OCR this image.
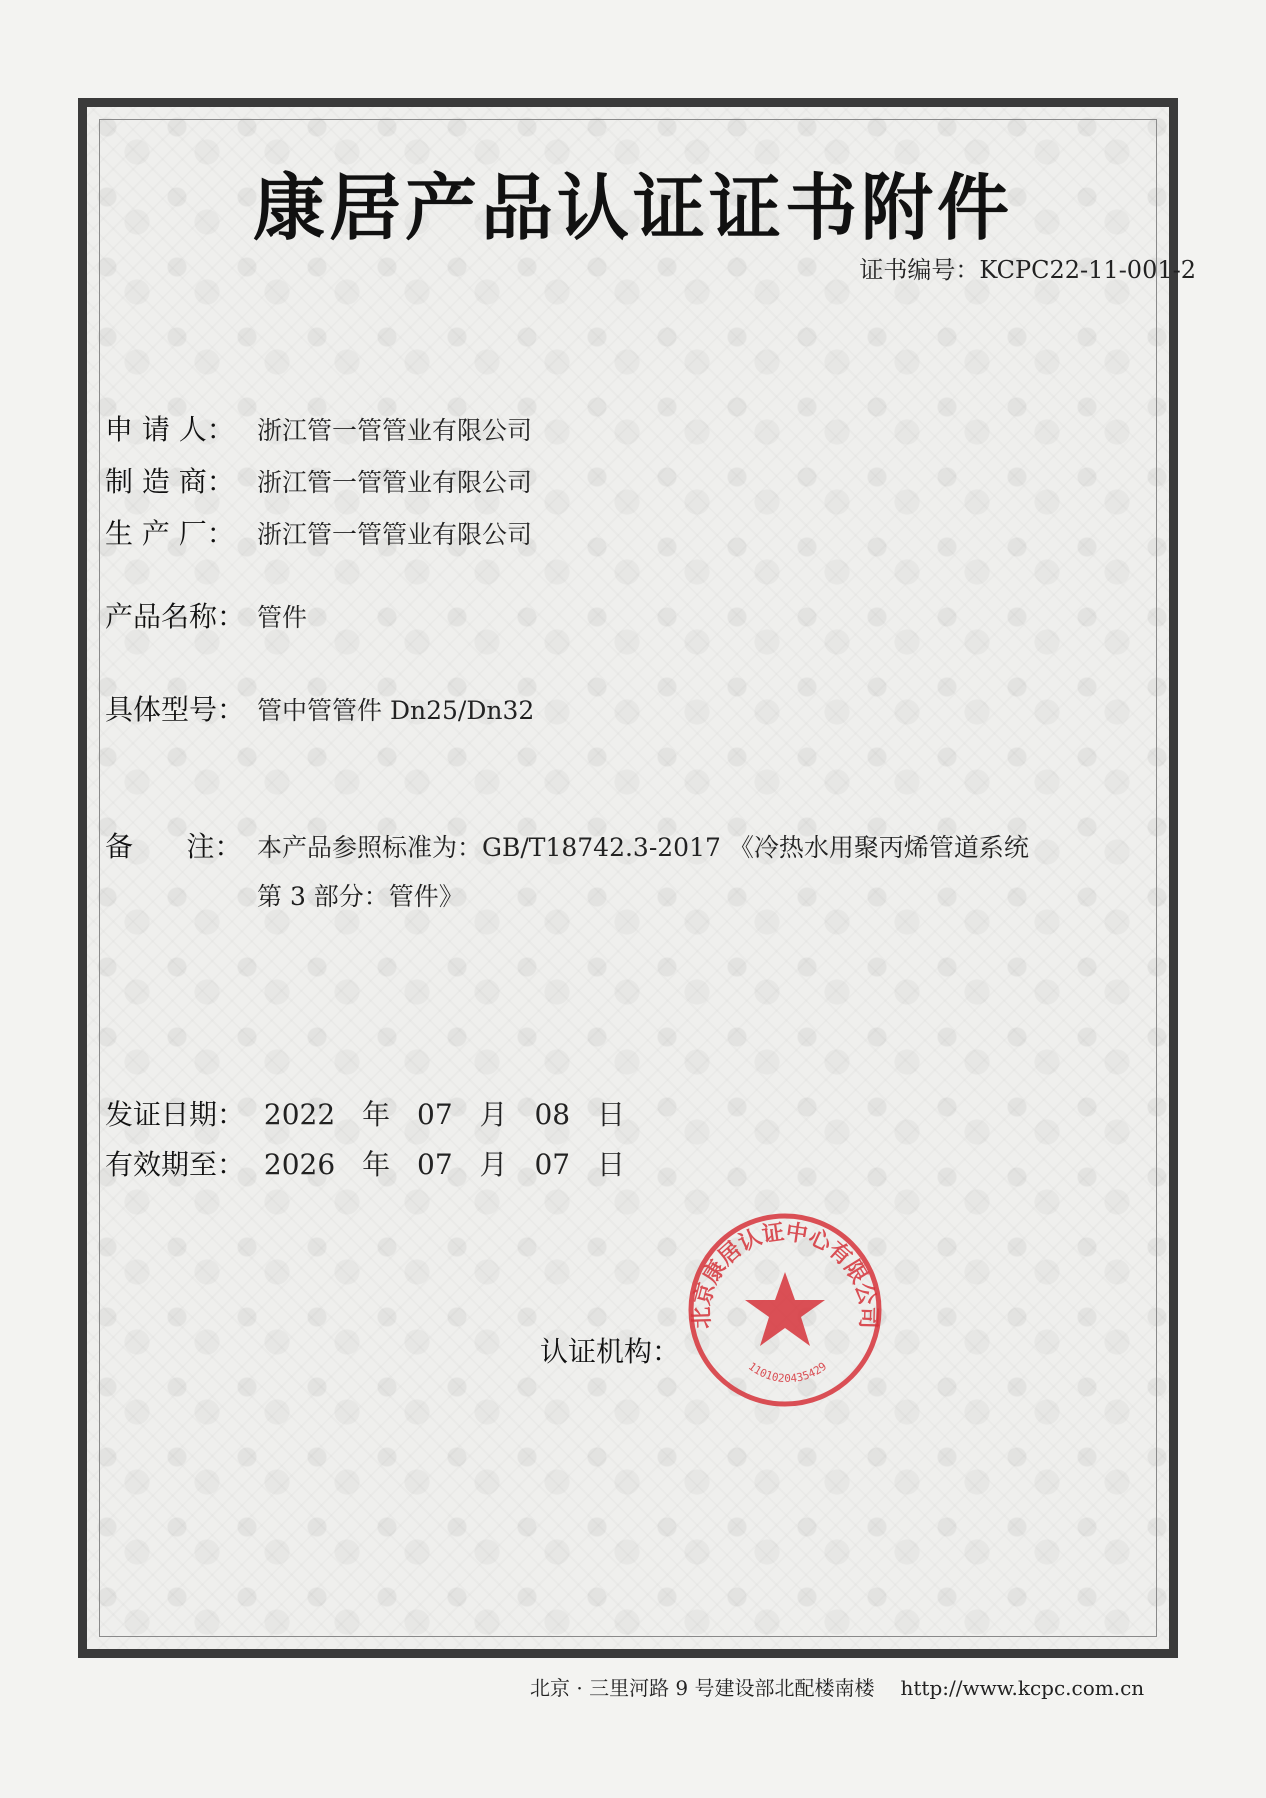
康居产品认证证书附件
证书编号：KCPC22-11-001-2
申 请 人： 浙江管一管管业有限公司
制 造 商： 浙江管一管管业有限公司
生 产 厂： 浙江管一管管业有限公司
产品名称： 管件
具体型号： 管中管管件 Dn25/Dn32
备      注： 本产品参照标准为：GB/T18742.3-2017 《冷热水用聚丙烯管道系统
第 3 部分：管件》
发证日期： 2022 年 07 月 08 日
有效期至： 2026 年 07 月 07 日
认证机构：
北京康居认证中心有限公司
1101020435429
北京 · 三里河路 9 号建设部北配楼南楼 http://www.kcpc.com.cn
